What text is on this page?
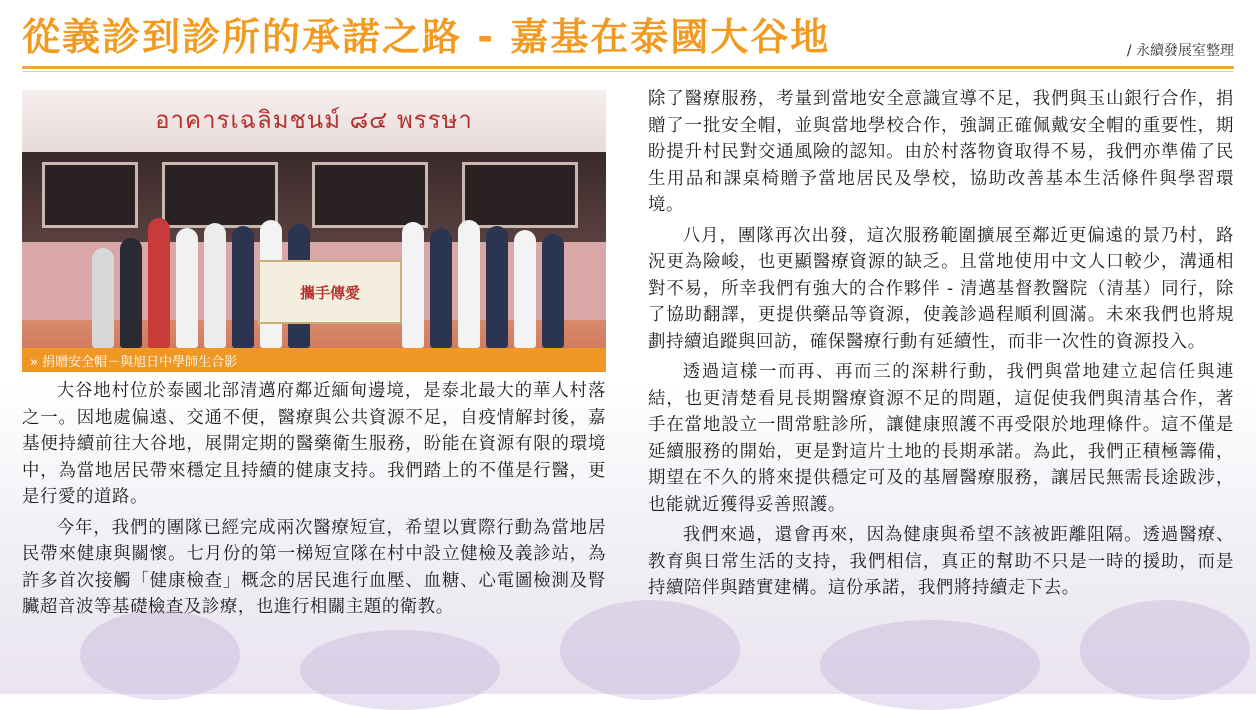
從義診到診所的承諾之路 - 嘉基在泰國大谷地	/ 永續發展室整理
อาคารเฉลิมชนม์ ๘๔ พรรษา
攜手傳愛
» 捐贈安全帽－與旭日中學師生合影

大谷地村位於泰國北部清邁府鄰近緬甸邊境，是泰北最大的華人村落之一。因地處偏遠、交通不便，醫療與公共資源不足，自疫情解封後，嘉基便持續前往大谷地，展開定期的醫藥衛生服務，盼能在資源有限的環境中，為當地居民帶來穩定且持續的健康支持。我們踏上的不僅是行醫，更是行愛的道路。

今年，我們的團隊已經完成兩次醫療短宣，希望以實際行動為當地居民帶來健康與關懷。七月份的第一梯短宣隊在村中設立健檢及義診站，為許多首次接觸「健康檢查」概念的居民進行血壓、血糖、心電圖檢測及腎臟超音波等基礎檢查及診療，也進行相關主題的衛教。

除了醫療服務，考量到當地安全意識宣導不足，我們與玉山銀行合作，捐贈了一批安全帽，並與當地學校合作，強調正確佩戴安全帽的重要性，期盼提升村民對交通風險的認知。由於村落物資取得不易，我們亦準備了民生用品和課桌椅贈予當地居民及學校，協助改善基本生活條件與學習環境。

八月，團隊再次出發，這次服務範圍擴展至鄰近更偏遠的景乃村，路況更為險峻，也更顯醫療資源的缺乏。且當地使用中文人口較少，溝通相對不易，所幸我們有強大的合作夥伴 - 清邁基督教醫院（清基）同行，除了協助翻譯，更提供藥品等資源，使義診過程順利圓滿。未來我們也將規劃持續追蹤與回訪，確保醫療行動有延續性，而非一次性的資源投入。

透過這樣一而再、再而三的深耕行動，我們與當地建立起信任與連結，也更清楚看見長期醫療資源不足的問題，這促使我們與清基合作，著手在當地設立一間常駐診所，讓健康照護不再受限於地理條件。這不僅是延續服務的開始，更是對這片土地的長期承諾。為此，我們正積極籌備，期望在不久的將來提供穩定可及的基層醫療服務，讓居民無需長途跋涉，也能就近獲得妥善照護。

我們來過，還會再來，因為健康與希望不該被距離阻隔。透過醫療、教育與日常生活的支持，我們相信，真正的幫助不只是一時的援助，而是持續陪伴與踏實建構。這份承諾，我們將持續走下去。
